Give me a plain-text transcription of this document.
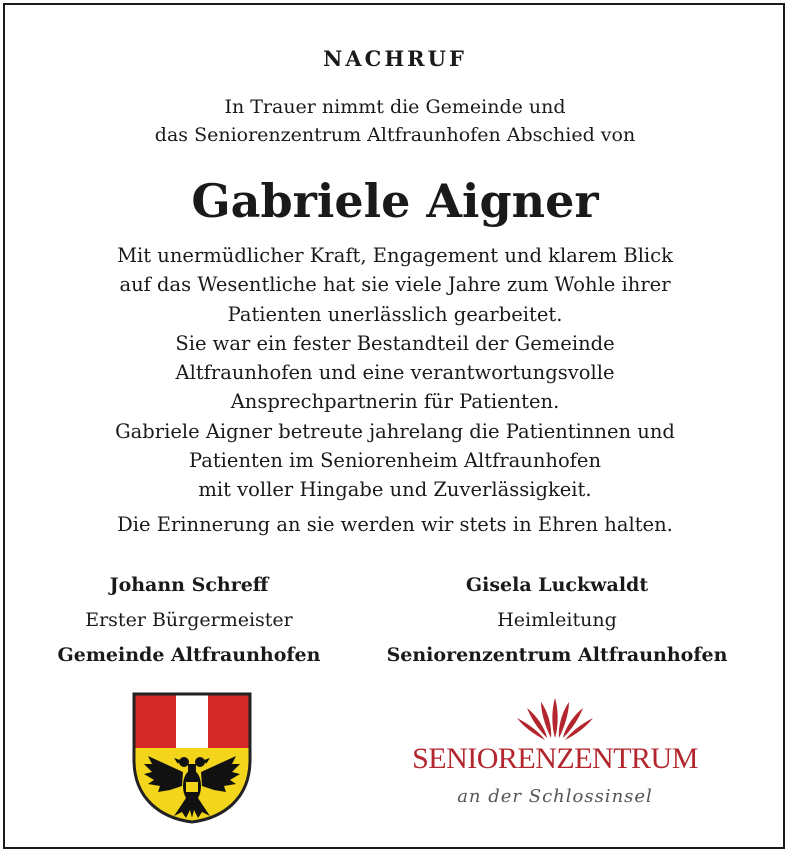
NACHRUF
In Trauer nimmt die Gemeinde und
das Seniorenzentrum Altfraunhofen Abschied von
Gabriele Aigner
Mit unermüdlicher Kraft, Engagement und klarem Blick
auf das Wesentliche hat sie viele Jahre zum Wohle ihrer
Patienten unerlässlich gearbeitet.
Sie war ein fester Bestandteil der Gemeinde
Altfraunhofen und eine verantwortungsvolle
Ansprechpartnerin für Patienten.
Gabriele Aigner betreute jahrelang die Patientinnen und
Patienten im Seniorenheim Altfraunhofen
mit voller Hingabe und Zuverlässigkeit.
Die Erinnerung an sie werden wir stets in Ehren halten.
Johann Schreff
Erster Bürgermeister
Gemeinde Altfraunhofen
Gisela Luckwaldt
Heimleitung
Seniorenzentrum Altfraunhofen
SENIORENZENTRUM
an der Schlossinsel
